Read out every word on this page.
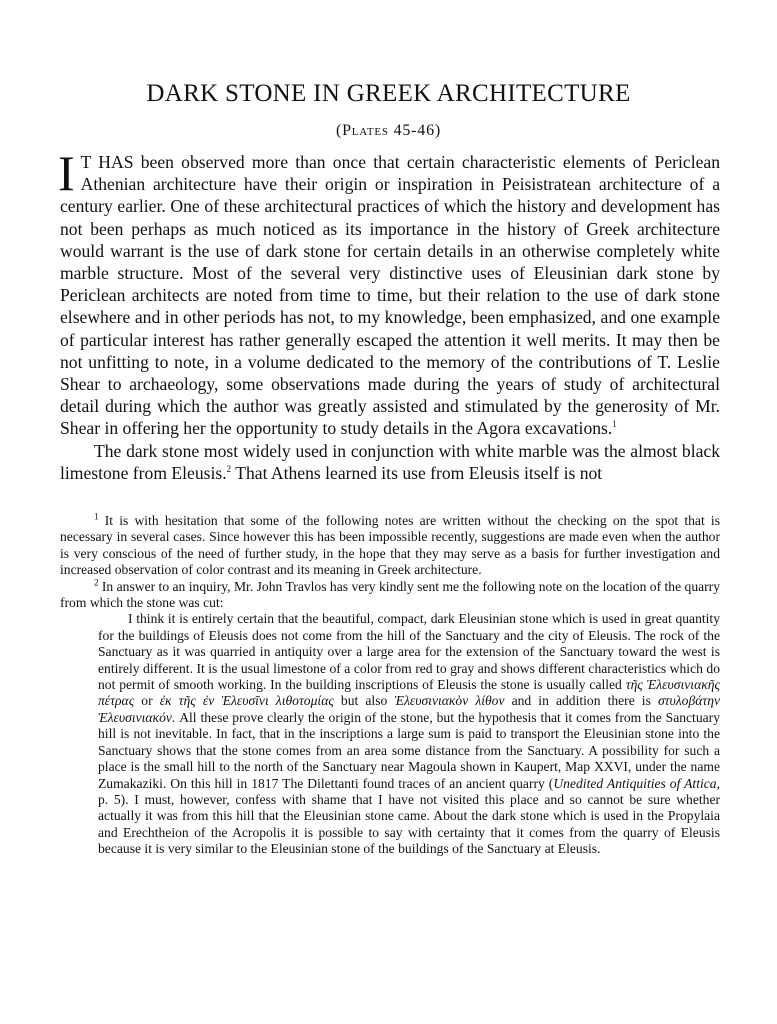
DARK STONE IN GREEK ARCHITECTURE
(Plates 45-46)

I T HAS been observed more than once that certain characteristic elements of Periclean Athenian architecture have their origin or inspiration in Peisistratean architecture of a century earlier. One of these architectural practices of which the history and development has not been perhaps as much noticed as its importance in the history of Greek architecture would warrant is the use of dark stone for certain details in an otherwise completely white marble structure. Most of the several very distinctive uses of Eleusinian dark stone by Periclean architects are noted from time to time, but their relation to the use of dark stone elsewhere and in other periods has not, to my knowledge, been emphasized, and one example of particular interest has rather generally escaped the attention it well merits. It may then be not unfitting to note, in a volume dedicated to the memory of the contributions of T. Leslie Shear to archaeology, some observations made during the years of study of architectural detail during which the author was greatly assisted and stimulated by the generosity of Mr. Shear in offering her the opportunity to study details in the Agora excavations.$^1$

The dark stone most widely used in conjunction with white marble was the almost black limestone from Eleusis.$^2$ That Athens learned its use from Eleusis itself is not

$^1$ It is with hesitation that some of the following notes are written without the checking on the spot that is necessary in several cases. Since however this has been impossible recently, suggestions are made even when the author is very conscious of the need of further study, in the hope that they may serve as a basis for further investigation and increased observation of color contrast and its meaning in Greek architecture.

$^2$ In answer to an inquiry, Mr. John Travlos has very kindly sent me the following note on the location of the quarry from which the stone was cut:

I think it is entirely certain that the beautiful, compact, dark Eleusinian stone which is used in great quantity for the buildings of Eleusis does not come from the hill of the Sanctuary and the city of Eleusis. The rock of the Sanctuary as it was quarried in antiquity over a large area for the extension of the Sanctuary toward the west is entirely different. It is the usual limestone of a color from red to gray and shows different characteristics which do not permit of smooth working. In the building inscriptions of Eleusis the stone is usually called τῆς Ἐλευσινιακῆς πέτρας or ἐκ τῆς ἐν Ἐλευσῖνι λιθοτομίας but also Ἐλευσινιακὸν λίθον and in addition there is στυλοβάτην Ἐλευσινιακόν. All these prove clearly the origin of the stone, but the hypothesis that it comes from the Sanctuary hill is not inevitable. In fact, that in the inscriptions a large sum is paid to transport the Eleusinian stone into the Sanctuary shows that the stone comes from an area some distance from the Sanctuary. A possibility for such a place is the small hill to the north of the Sanctuary near Magoula shown in Kaupert, Map XXVI, under the name Zumakaziki. On this hill in 1817 The Dilettanti found traces of an ancient quarry (Unedited Antiquities of Attica, p. 5). I must, however, confess with shame that I have not visited this place and so cannot be sure whether actually it was from this hill that the Eleusinian stone came. About the dark stone which is used in the Propylaia and Erechtheion of the Acropolis it is possible to say with certainty that it comes from the quarry of Eleusis because it is very similar to the Eleusinian stone of the buildings of the Sanctuary at Eleusis.
